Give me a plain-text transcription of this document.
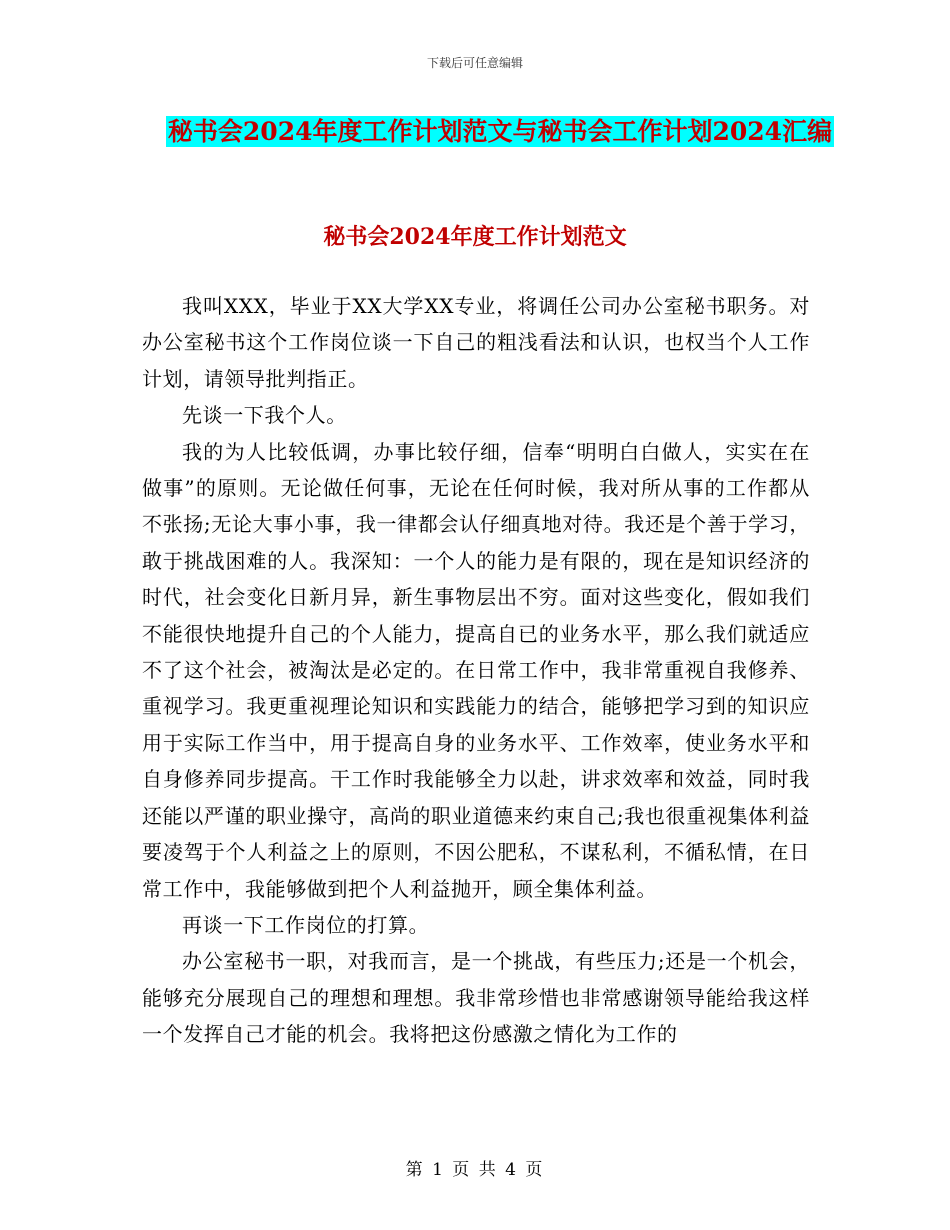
下载后可任意编辑
秘书会2024年度工作计划范文与秘书会工作计划2024汇编
秘书会2024年度工作计划范文

我叫XXX，毕业于XX大学XX专业，将调任公司办公室秘书职务。对办公室秘书这个工作岗位谈一下自己的粗浅看法和认识，也权当个人工作计划，请领导批判指正。

先谈一下我个人。

我的为人比较低调，办事比较仔细，信奉“明明白白做人，实实在在做事”的原则。无论做任何事，无论在任何时候，我对所从事的工作都从不张扬;无论大事小事，我一律都会认仔细真地对待。我还是个善于学习，敢于挑战困难的人。我深知：一个人的能力是有限的，现在是知识经济的时代，社会变化日新月异，新生事物层出不穷。面对这些变化，假如我们不能很快地提升自己的个人能力，提高自已的业务水平，那么我们就适应不了这个社会，被淘汰是必定的。在日常工作中，我非常重视自我修养、重视学习。我更重视理论知识和实践能力的结合，能够把学习到的知识应用于实际工作当中，用于提高自身的业务水平、工作效率，使业务水平和自身修养同步提高。干工作时我能够全力以赴，讲求效率和效益，同时我还能以严谨的职业操守，高尚的职业道德来约束自己;我也很重视集体利益要凌驾于个人利益之上的原则，不因公肥私，不谋私利，不循私情，在日常工作中，我能够做到把个人利益抛开，顾全集体利益。

再谈一下工作岗位的打算。

办公室秘书一职，对我而言，是一个挑战，有些压力;还是一个机会，能够充分展现自己的理想和理想。我非常珍惜也非常感谢领导能给我这样一个发挥自己才能的机会。我将把这份感激之情化为工作的

第 1 页 共 4 页
